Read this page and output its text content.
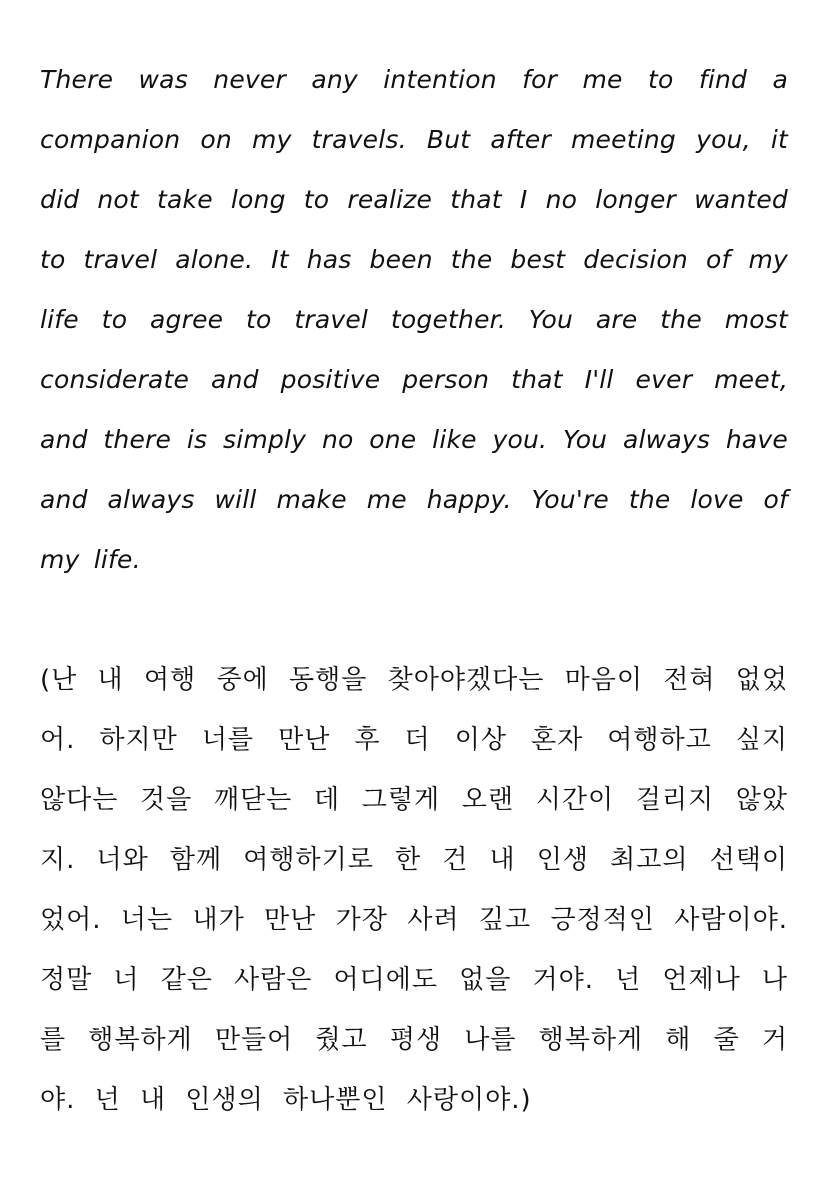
There was never any intention for me to find a companion on my travels. But after meeting you, it did not take long to realize that I no longer wanted to travel alone. It has been the best decision of my life to agree to travel together. You are the most considerate and positive person that I'll ever meet, and there is simply no one like you. You always have and always will make me happy. You're the love of my life.

(난 내 여행 중에 동행을 찾아야겠다는 마음이 전혀 없었어. 하지만 너를 만난 후 더 이상 혼자 여행하고 싶지 않다는 것을 깨닫는 데 그렇게 오랜 시간이 걸리지 않았지. 너와 함께 여행하기로 한 건 내 인생 최고의 선택이었어. 너는 내가 만난 가장 사려 깊고 긍정적인 사람이야. 정말 너 같은 사람은 어디에도 없을 거야. 넌 언제나 나를 행복하게 만들어 줬고 평생 나를 행복하게 해 줄 거야. 넌 내 인생의 하나뿐인 사랑이야.)
